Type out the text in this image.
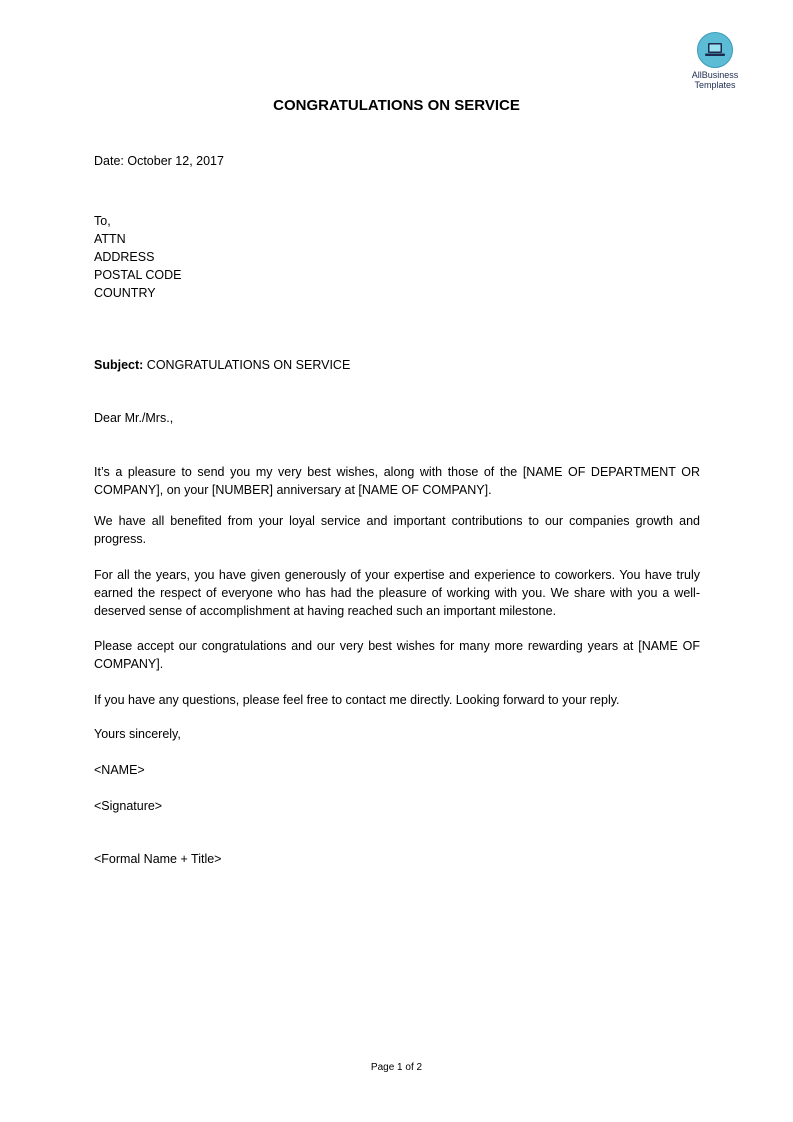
AllBusiness
Templates
CONGRATULATIONS ON SERVICE
Date: October 12, 2017
To,
ATTN
ADDRESS
POSTAL CODE
COUNTRY
Subject: CONGRATULATIONS ON SERVICE
Dear Mr./Mrs.,
It’s a pleasure to send you my very best wishes, along with those of the [NAME OF DEPARTMENT OR COMPANY], on your [NUMBER] anniversary at [NAME OF COMPANY].
We have all benefited from your loyal service and important contributions to our companies growth and progress.
For all the years, you have given generously of your expertise and experience to coworkers. You have truly earned the respect of everyone who has had the pleasure of working with you. We share with you a well-deserved sense of accomplishment at having reached such an important milestone.
Please accept our congratulations and our very best wishes for many more rewarding years at [NAME OF COMPANY].
If you have any questions, please feel free to contact me directly. Looking forward to your reply.
Yours sincerely,
<NAME>
<Signature>
<Formal Name + Title>
Page 1 of 2
